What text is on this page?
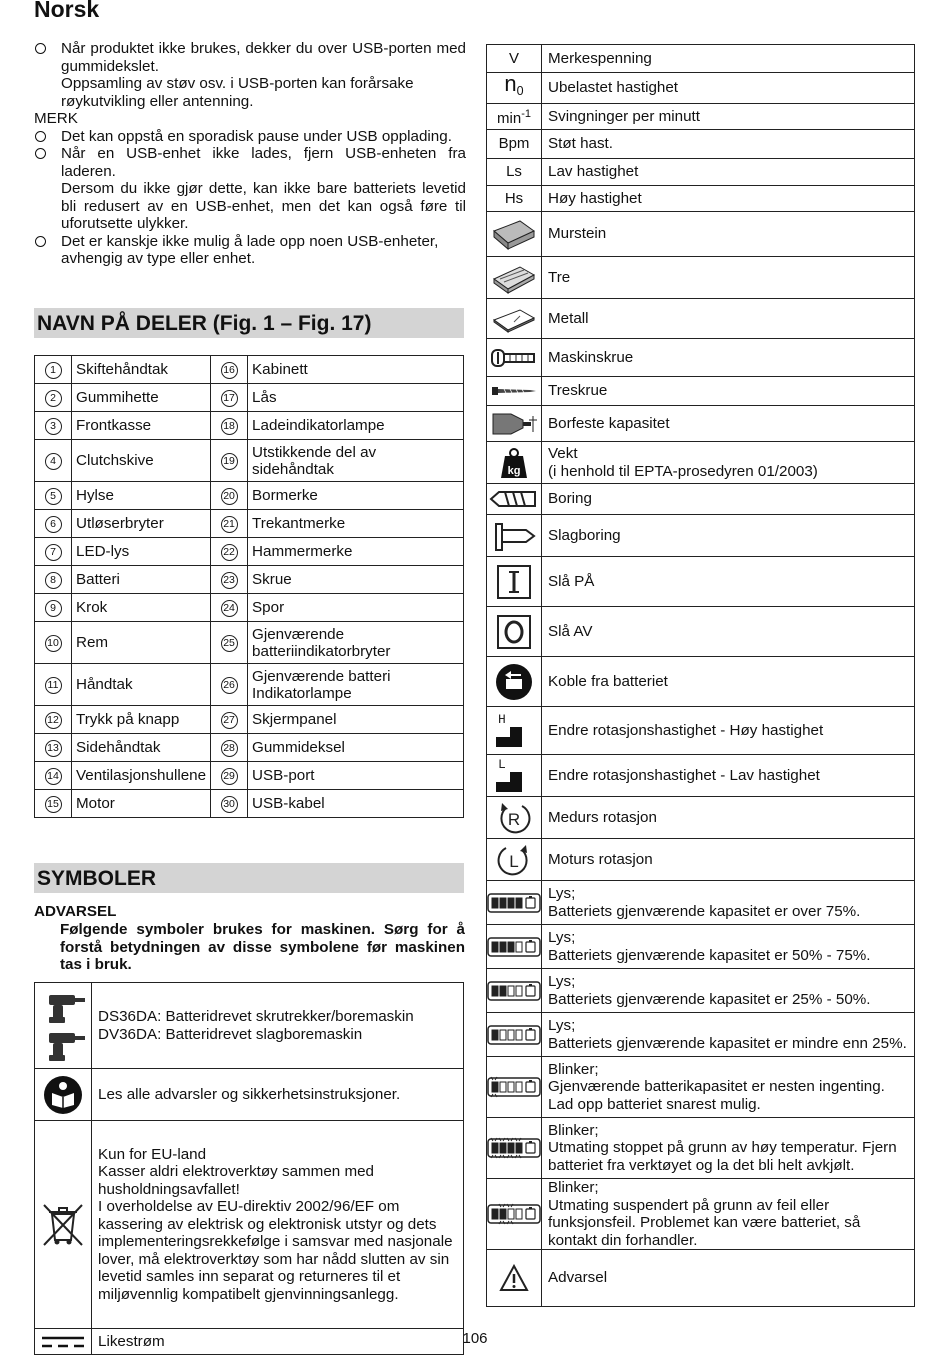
Norsk
Når produktet ikke brukes, dekker du over USB-porten med gummidekslet.
Oppsamling av støv osv. i USB-porten kan forårsake røykutvikling eller antenning.
MERK
Det kan oppstå en sporadisk pause under USB opplading.
Når en USB-enhet ikke lades, fjern USB-enheten fra laderen.
Dersom du ikke gjør dette, kan ikke bare batteriets levetid bli redusert av en USB-enhet, men det kan også føre til uforutsette ulykker.
Det er kanskje ikke mulig å lade opp noen USB-enheter, avhengig av type eller enhet.
NAVN PÅ DELER (Fig. 1 – Fig. 17)
1	Skiftehåndtak	16	Kabinett
2	Gummihette	17	Lås
3	Frontkasse	18	Ladeindikatorlampe
4	Clutchskive	19	Utstikkende del av sidehåndtak
5	Hylse	20	Bormerke
6	Utløserbryter	21	Trekantmerke
7	LED-lys	22	Hammermerke
8	Batteri	23	Skrue
9	Krok	24	Spor
10	Rem	25	Gjenværende batteriindikatorbryter
11	Håndtak	26	Gjenværende batteri Indikatorlampe
12	Trykk på knapp	27	Skjermpanel
13	Sidehåndtak	28	Gummideksel
14	Ventilasjonshullene	29	USB-port
15	Motor	30	USB-kabel
SYMBOLER
ADVARSEL
Følgende symboler brukes for maskinen. Sørg for å forstå betydningen av disse symbolene før maskinen tas i bruk.

DS36DA: Batteridrevet skrutrekker/boremaskin
DV36DA: Batteridrevet slagboremaskin

	Les alle advarsler og sikkerhetsinstruksjoner.

Kun for EU-land
Kasser aldri elektroverktøy sammen med husholdningsavfallet!
I overholdelse av EU-direktiv 2002/96/EF om kassering av elektrisk og elektronisk utstyr og dets implementeringsrekkefølge i samsvar med nasjonale lover, må elektroverktøy som har nådd slutten av sin levetid samles inn separat og returneres til et miljøvennlig kompatibelt gjenvinningsanlegg.

	Likestrøm
V	Merkespenning
$n_0$	Ubelastet hastighet
$\min^{-1}$	Svingninger per minutt
Bpm	Støt hast.
Ls	Lav hastighet
Hs	Høy hastighet

	Murstein

	Tre

	Metall

	Maskinskrue

	Treskrue

	Borfeste kapasitet

kg	Vekt
(i henhold til EPTA-prosedyren 01/2003)

	Boring

	Slagboring

	Slå PÅ

	Slå AV

	Koble fra batteriet

H	Endre rotasjonshastighet - Høy hastighet

L	Endre rotasjonshastighet - Lav hastighet

R	Medurs rotasjon

L	Moturs rotasjon

Lys;
Batteriets gjenværende kapasitet er over 75%.

Lys;
Batteriets gjenværende kapasitet er 50% - 75%.

Lys;
Batteriets gjenværende kapasitet er 25% - 50%.

Lys;
Batteriets gjenværende kapasitet er mindre enn 25%.

Blinker;
Gjenværende batterikapasitet er nesten ingenting. Lad opp batteriet snarest mulig.

Blinker;
Utmating stoppet på grunn av høy temperatur. Fjern batteriet fra verktøyet og la det bli helt avkjølt.

Blinker;
Utmating suspendert på grunn av feil eller funksjonsfeil. Problemet kan være batteriet, så kontakt din forhandler.

	Advarsel
106
